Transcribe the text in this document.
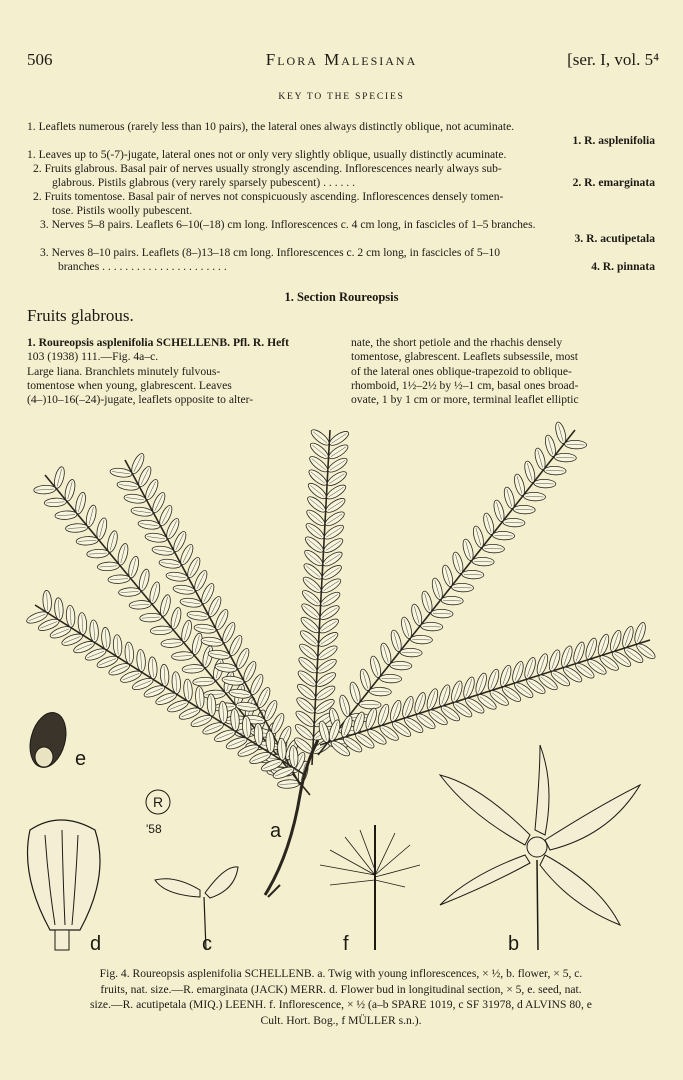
506	Flora Malesiana	[ser. I, vol. 5⁴
KEY TO THE SPECIES
1. Leaflets numerous (rarely less than 10 pairs), the lateral ones always distinctly oblique, not acuminate.
1. R. asplenifolia
1. Leaves up to 5(-7)-jugate, lateral ones not or only very slightly oblique, usually distinctly acuminate.
2. Fruits glabrous. Basal pair of nerves usually strongly ascending. Inflorescences nearly always sub-
glabrous. Pistils glabrous (very rarely sparsely pubescent) . . . . . .	2. R. emarginata
2. Fruits tomentose. Basal pair of nerves not conspicuously ascending. Inflorescences densely tomen-
tose. Pistils woolly pubescent.
3. Nerves 5–8 pairs. Leaflets 6–10(–18) cm long. Inflorescences c. 4 cm long, in fascicles of 1–5 branches.
3. R. acutipetala
3. Nerves 8–10 pairs. Leaflets (8–)13–18 cm long. Inflorescences c. 2 cm long, in fascicles of 5–10
branches . . . . . . . . . . . . . . . . . . . . . .	4. R. pinnata
1. Section Roureopsis
Fruits glabrous.
1. Roureopsis asplenifolia SCHELLENB. Pfl. R. Heft
103 (1938) 111.—Fig. 4a–c.
Large liana. Branchlets minutely fulvous-
tomentose when young, glabrescent. Leaves
(4–)10–16(–24)-jugate, leaflets opposite to alter-
nate, the short petiole and the rhachis densely
tomentose, glabrescent. Leaflets subsessile, most
of the lateral ones oblique-trapezoid to oblique-
rhomboid, 1½–2½ by ½–1 cm, basal ones broad-
ovate, 1 by 1 cm or more, terminal leaflet elliptic
R
'58	a
b
c
d
e
f
Fig. 4. Roureopsis asplenifolia SCHELLENB. a. Twig with young inflorescences, × ½, b. flower, × 5, c.
fruits, nat. size.—R. emarginata (JACK) MERR. d. Flower bud in longitudinal section, × 5, e. seed, nat.
size.—R. acutipetala (MIQ.) LEENH. f. Inflorescence, × ½ (a–b SPARE 1019, c SF 31978, d ALVINS 80, e
Cult. Hort. Bog., f MÜLLER s.n.).
